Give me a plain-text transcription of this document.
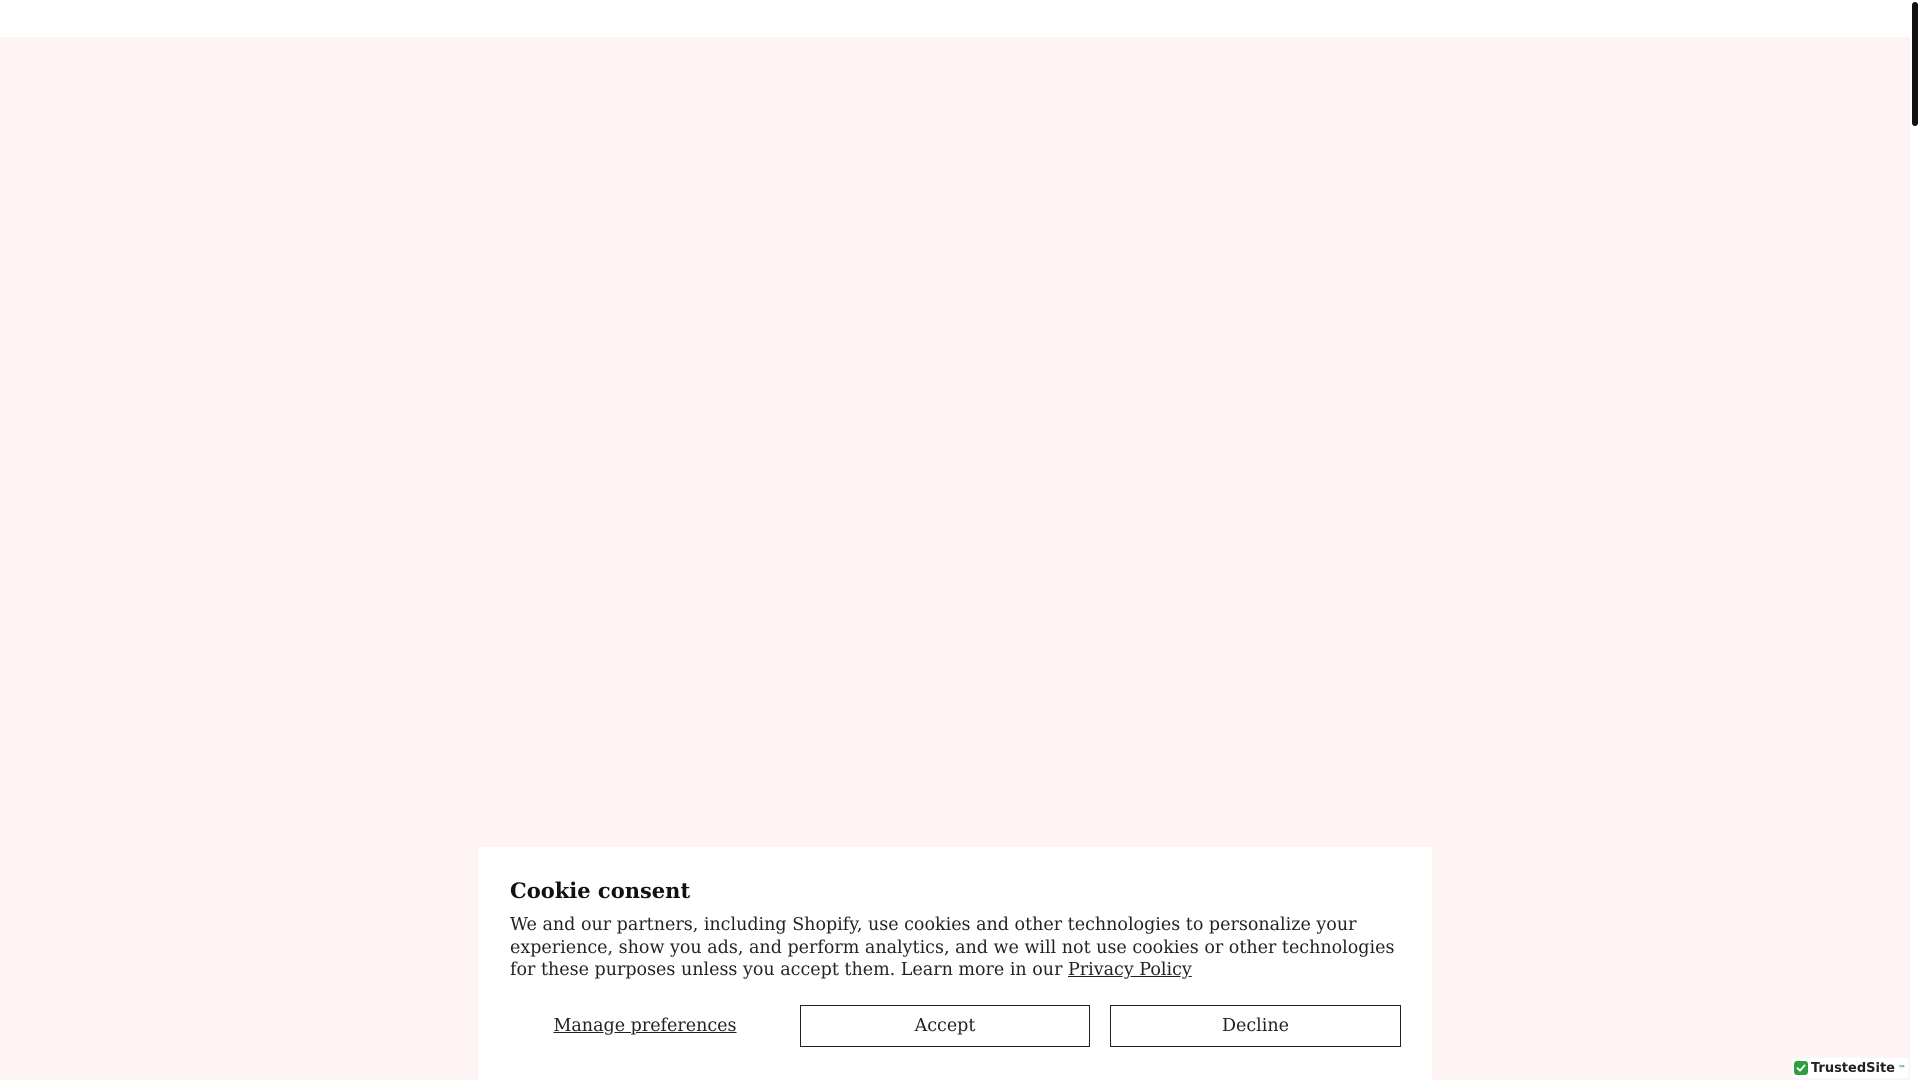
Cookie consent

We and our partners, including Shopify, use cookies and other technologies to personalize your experience, show you ads, and perform analytics, and we will not use cookies or other technologies for these purposes unless you accept them. Learn more in our Privacy Policy

Manage preferences	Accept	Decline
TrustedSite ™
